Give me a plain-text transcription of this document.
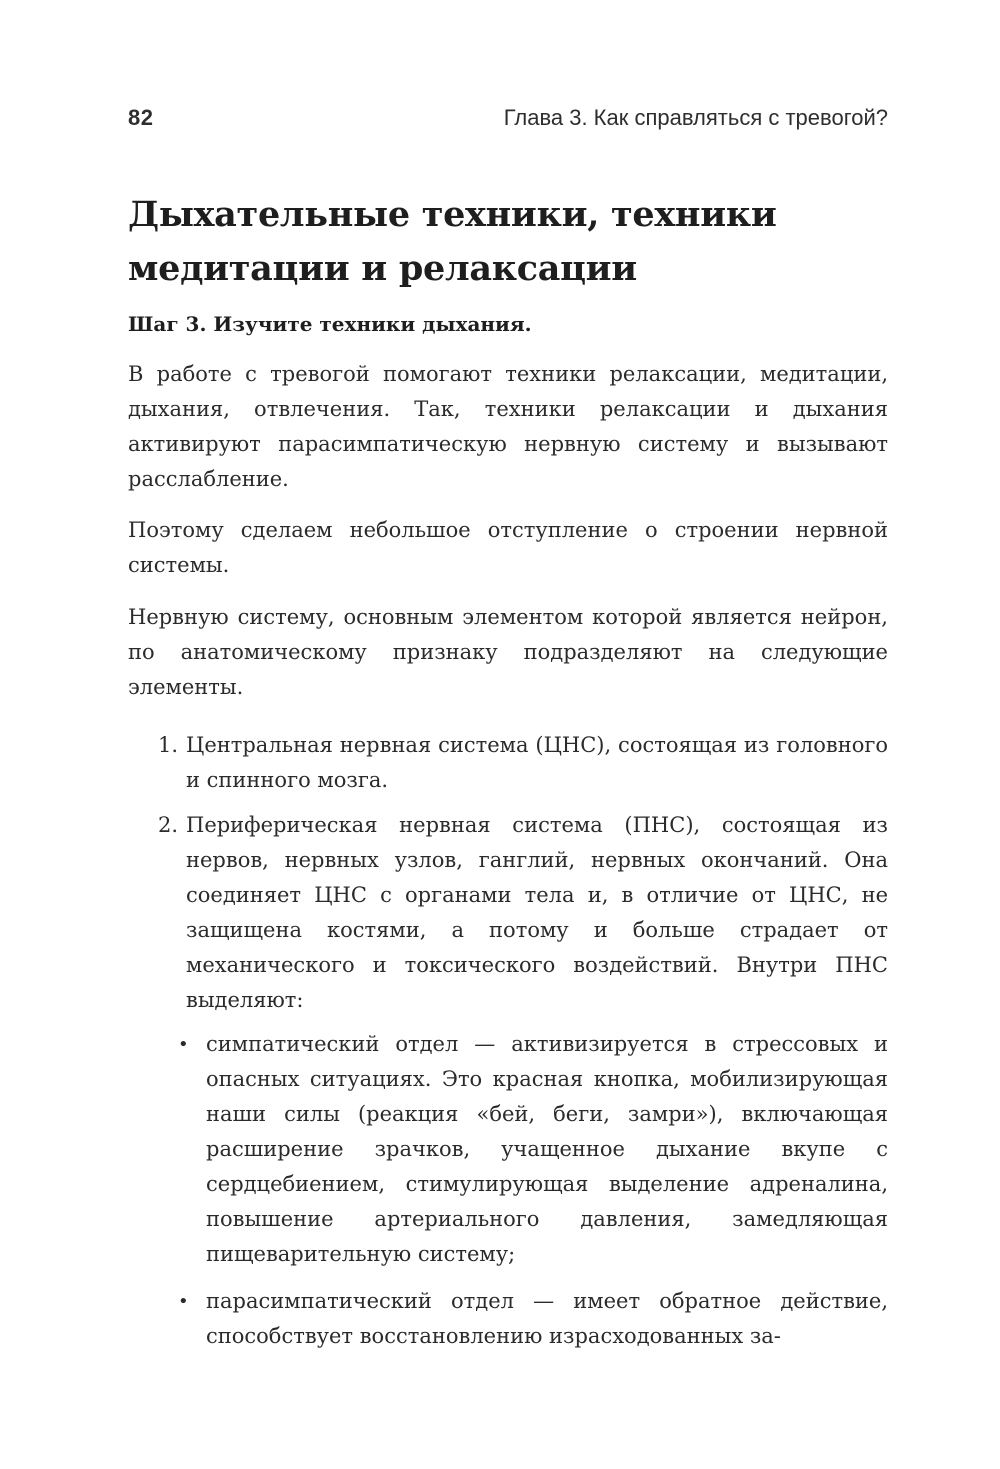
82	Глава 3. Как справляться с тревогой?
Дыхательные техники, техники
медитации и релаксации
Шаг 3. Изучите техники дыхания.

В работе с тревогой помогают техники релаксации, медитации, дыхания, отвлечения. Так, техники релаксации и дыхания активируют парасимпатическую нервную систему и вызывают расслабление.

Поэтому сделаем небольшое отступление о строении нервной системы.

Нервную систему, основным элементом которой является нейрон, по анатомическому признаку подразделяют на следующие элементы.

1. Центральная нервная система (ЦНС), состоящая из головного и спинного мозга.
2. Периферическая нервная система (ПНС), состоящая из нервов, нервных узлов, ганглий, нервных окончаний. Она соединяет ЦНС с органами тела и, в отличие от ЦНС, не защищена костями, а потому и больше страдает от механического и токсического воздействий. Внутри ПНС выделяют:
• симпатический отдел — активизируется в стрессовых и опасных ситуациях. Это красная кнопка, мобилизирующая наши силы (реакция «бей, беги, замри»), включающая расширение зрачков, учащенное дыхание вкупе с сердцебиением, стимулирующая выделение адреналина, повышение артериального давления, замедляющая пищеварительную систему;
• парасимпатический отдел — имеет обратное действие, способствует восстановлению израсходованных за-
